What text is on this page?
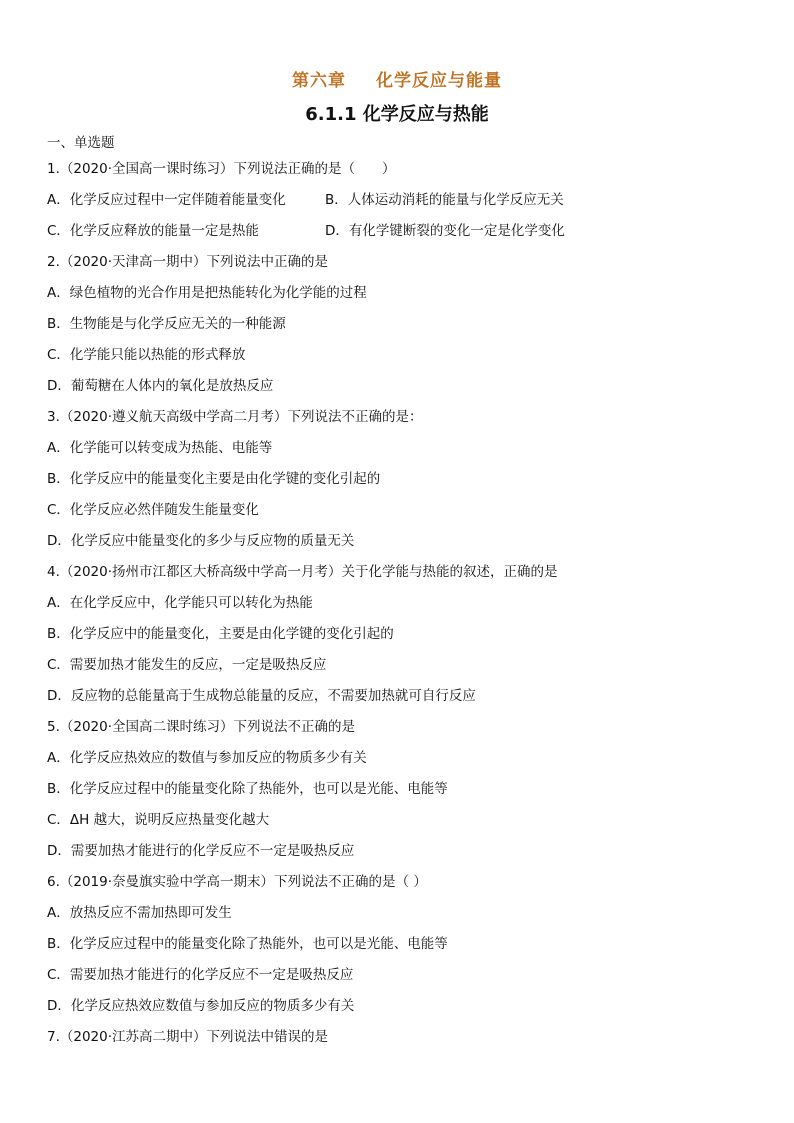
第六章 化学反应与能量
6.1.1 化学反应与热能
一、单选题
1.（2020·全国高一课时练习）下列说法正确的是（　　）
A．化学反应过程中一定伴随着能量变化	B．人体运动消耗的能量与化学反应无关
C．化学反应释放的能量一定是热能	D．有化学键断裂的变化一定是化学变化
2.（2020·天津高一期中）下列说法中正确的是
A．绿色植物的光合作用是把热能转化为化学能的过程
B．生物能是与化学反应无关的一种能源
C．化学能只能以热能的形式释放
D．葡萄糖在人体内的氧化是放热反应
3.（2020·遵义航天高级中学高二月考）下列说法不正确的是：
A．化学能可以转变成为热能、电能等
B．化学反应中的能量变化主要是由化学键的变化引起的
C．化学反应必然伴随发生能量变化
D．化学反应中能量变化的多少与反应物的质量无关
4.（2020·扬州市江都区大桥高级中学高一月考）关于化学能与热能的叙述，正确的是
A．在化学反应中，化学能只可以转化为热能
B．化学反应中的能量变化，主要是由化学键的变化引起的
C．需要加热才能发生的反应，一定是吸热反应
D．反应物的总能量高于生成物总能量的反应，不需要加热就可自行反应
5.（2020·全国高二课时练习）下列说法不正确的是
A．化学反应热效应的数值与参加反应的物质多少有关
B．化学反应过程中的能量变化除了热能外，也可以是光能、电能等
C．ΔH 越大，说明反应热量变化越大
D．需要加热才能进行的化学反应不一定是吸热反应
6.（2019·奈曼旗实验中学高一期末）下列说法不正确的是（ ）
A．放热反应不需加热即可发生
B．化学反应过程中的能量变化除了热能外，也可以是光能、电能等
C．需要加热才能进行的化学反应不一定是吸热反应
D．化学反应热效应数值与参加反应的物质多少有关
7.（2020·江苏高二期中）下列说法中错误的是
